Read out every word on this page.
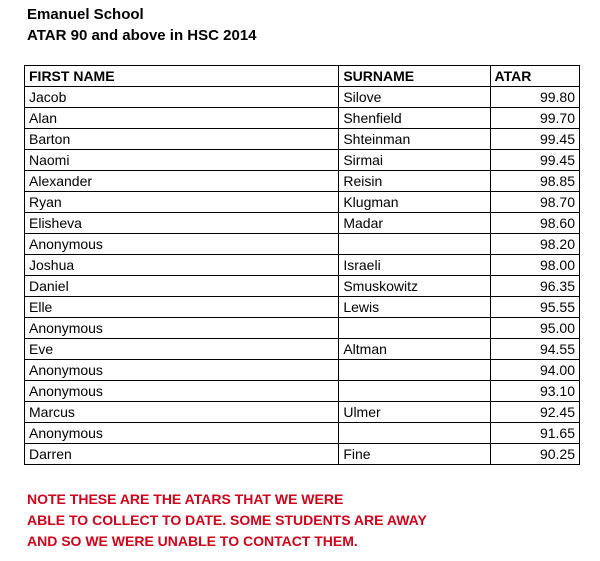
Emanuel School
ATAR 90 and above in HSC 2014
FIRST NAME	SURNAME	ATAR
Jacob	Silove	99.80
Alan	Shenfield	99.70
Barton	Shteinman	99.45
Naomi	Sirmai	99.45
Alexander	Reisin	98.85
Ryan	Klugman	98.70
Elisheva	Madar	98.60
Anonymous		98.20
Joshua	Israeli	98.00
Daniel	Smuskowitz	96.35
Elle	Lewis	95.55
Anonymous		95.00
Eve	Altman	94.55
Anonymous		94.00
Anonymous		93.10
Marcus	Ulmer	92.45
Anonymous		91.65
Darren	Fine	90.25
NOTE THESE ARE THE ATARS THAT WE WERE
ABLE TO COLLECT TO DATE. SOME STUDENTS ARE AWAY
AND SO WE WERE UNABLE TO CONTACT THEM.
